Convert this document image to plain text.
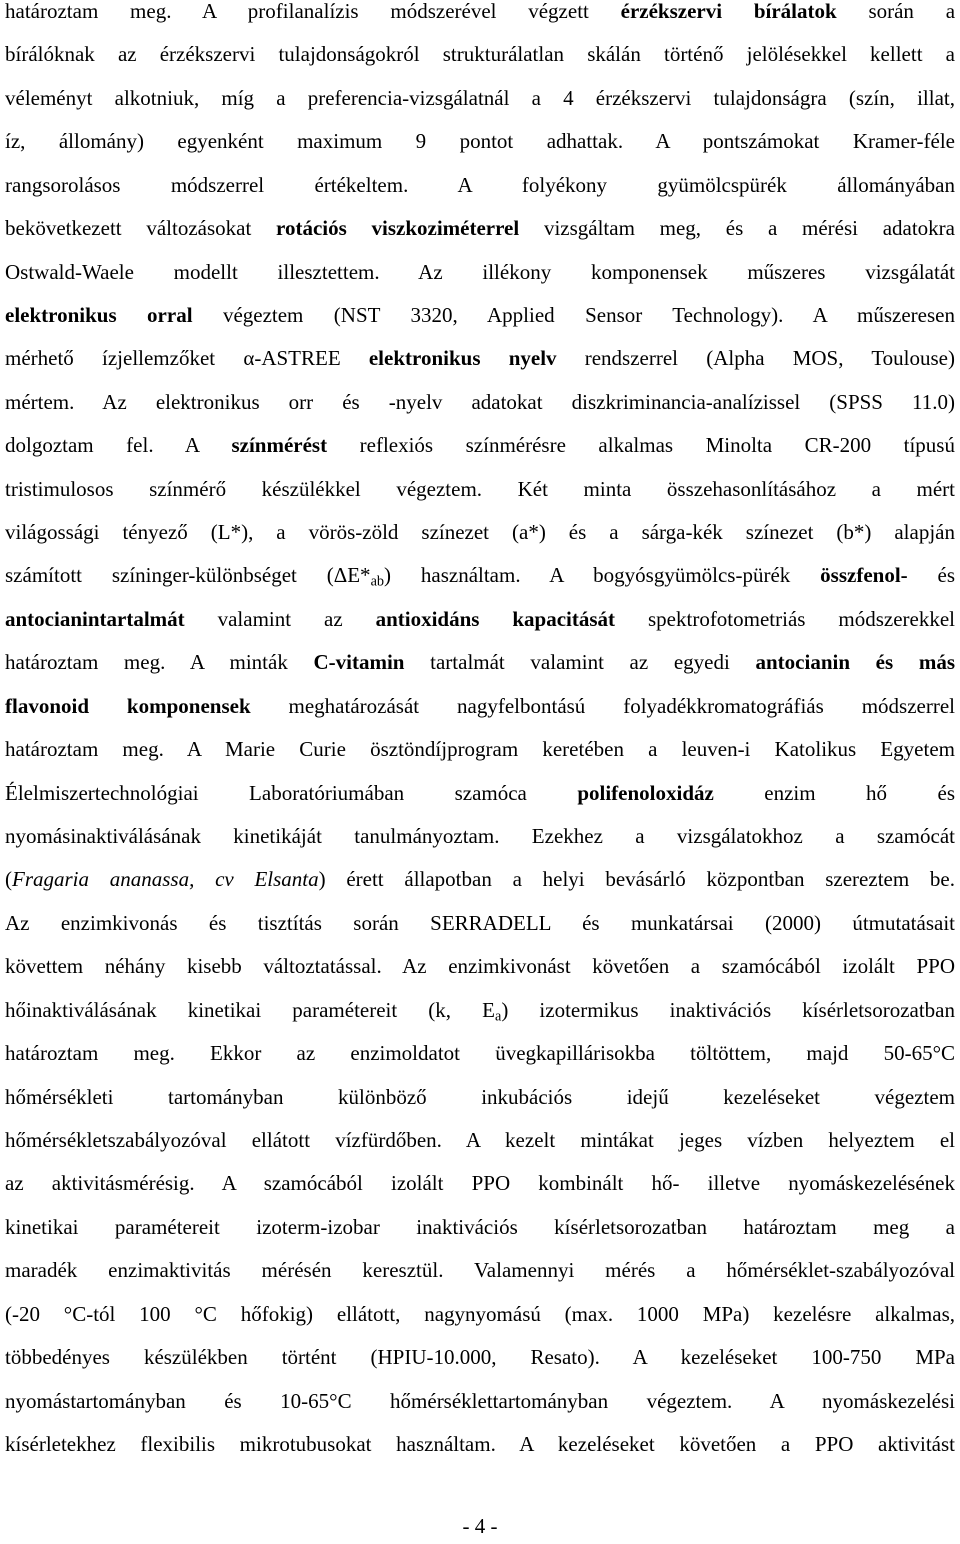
határoztam meg. A profilanalízis módszerével végzett érzékszervi bírálatok során a
bírálóknak az érzékszervi tulajdonságokról strukturálatlan skálán történő jelölésekkel kellett a
véleményt alkotniuk, míg a preferencia-vizsgálatnál a 4 érzékszervi tulajdonságra (szín, illat,
íz, állomány) egyenként maximum 9 pontot adhattak. A pontszámokat Kramer-féle
rangsorolásos módszerrel értékeltem. A folyékony gyümölcspürék állományában
bekövetkezett változásokat rotációs viszkoziméterrel vizsgáltam meg, és a mérési adatokra
Ostwald-Waele modellt illesztettem. Az illékony komponensek műszeres vizsgálatát
elektronikus orral végeztem (NST 3320, Applied Sensor Technology). A műszeresen
mérhető ízjellemzőket α-ASTREE elektronikus nyelv rendszerrel (Alpha MOS, Toulouse)
mértem. Az elektronikus orr és -nyelv adatokat diszkriminancia-analízissel (SPSS 11.0)
dolgoztam fel. A színmérést reflexiós színmérésre alkalmas Minolta CR-200 típusú
tristimulosos színmérő készülékkel végeztem. Két minta összehasonlításához a mért
világossági tényező (L*), a vörös-zöld színezet (a*) és a sárga-kék színezet (b*) alapján
számított színinger-különbséget $(\Delta E*_{ab})$ használtam. A bogyósgyümölcs-pürék összfenol- és
antocianintartalmát valamint az antioxidáns kapacitását spektrofotometriás módszerekkel
határoztam meg. A minták C-vitamin tartalmát valamint az egyedi antocianin és más
flavonoid komponensek meghatározását nagyfelbontású folyadékkromatográfiás módszerrel
határoztam meg. A Marie Curie ösztöndíjprogram keretében a leuven-i Katolikus Egyetem
Élelmiszertechnológiai Laboratóriumában szamóca polifenoloxidáz enzim hő és
nyomásinaktiválásának kinetikáját tanulmányoztam. Ezekhez a vizsgálatokhoz a szamócát
(Fragaria ananassa, cv Elsanta) érett állapotban a helyi bevásárló központban szereztem be.
Az enzimkivonás és tisztítás során SERRADELL és munkatársai (2000) útmutatásait
követtem néhány kisebb változtatással. Az enzimkivonást követően a szamócából izolált PPO
hőinaktiválásának kinetikai paramétereit (k, $E_a$) izotermikus inaktivációs kísérletsorozatban
határoztam meg. Ekkor az enzimoldatot üvegkapillárisokba töltöttem, majd 50-65°C
hőmérsékleti tartományban különböző inkubációs idejű kezeléseket végeztem
hőmérsékletszabályozóval ellátott vízfürdőben. A kezelt mintákat jeges vízben helyeztem el
az aktivitásmérésig. A szamócából izolált PPO kombinált hő- illetve nyomáskezelésének
kinetikai paramétereit izoterm-izobar inaktivációs kísérletsorozatban határoztam meg a
maradék enzimaktivitás mérésén keresztül. Valamennyi mérés a hőmérséklet-szabályozóval
(-20 °C-tól 100 °C hőfokig) ellátott, nagynyomású (max. 1000 MPa) kezelésre alkalmas,
többedényes készülékben történt (HPIU-10.000, Resato). A kezeléseket 100-750 MPa
nyomástartományban és 10-65°C hőmérséklettartományban végeztem. A nyomáskezelési
kísérletekhez flexibilis mikrotubusokat használtam. A kezeléseket követően a PPO aktivitást
- 4 -
